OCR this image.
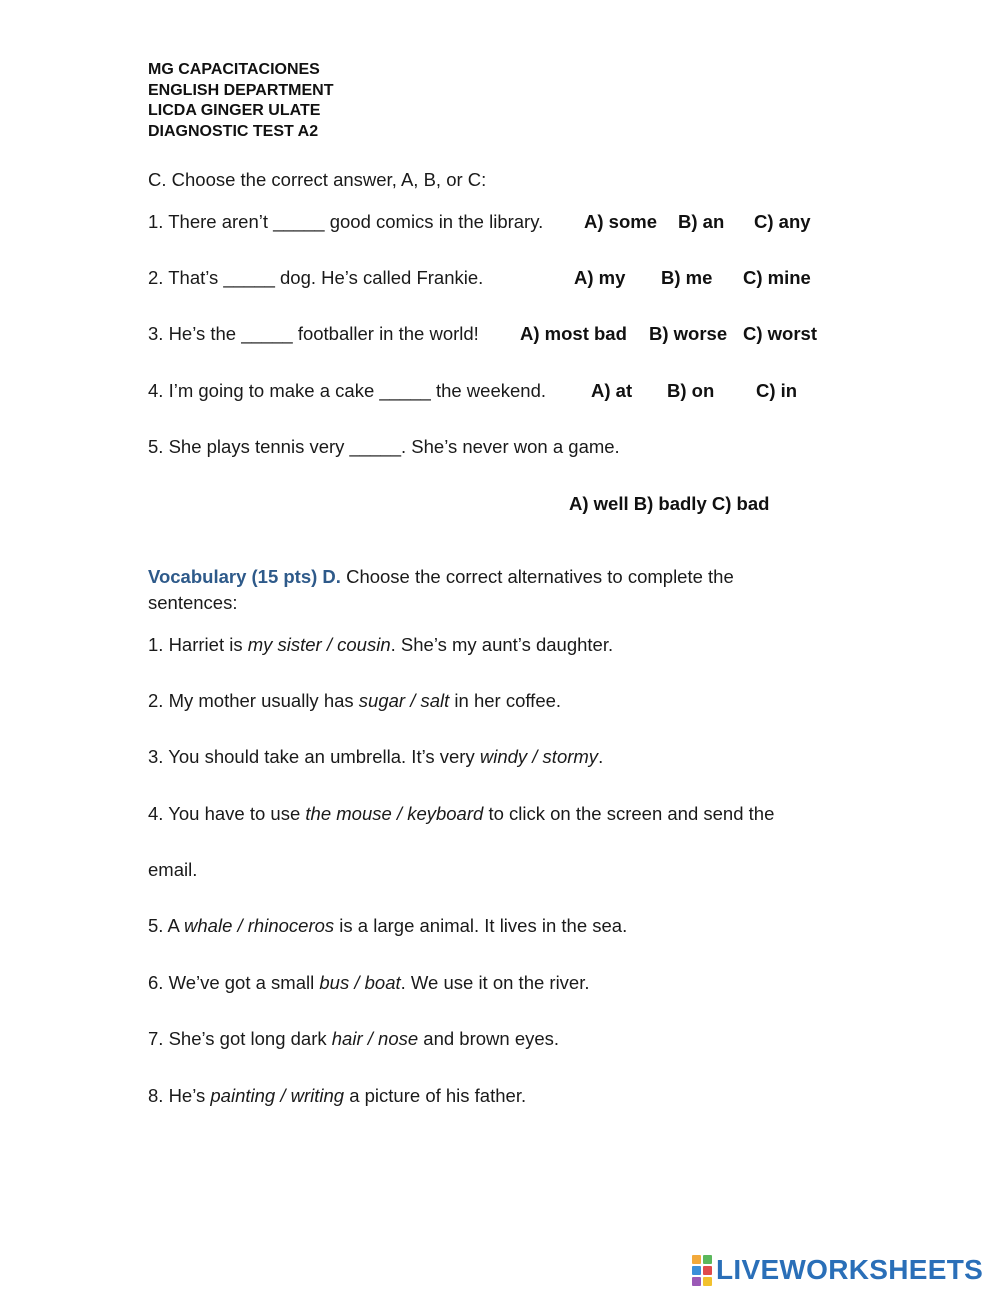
MG CAPACITACIONES
ENGLISH DEPARTMENT
LICDA GINGER ULATE
DIAGNOSTIC TEST A2
C. Choose the correct answer, A, B, or C:
1. There aren’t _____ good comics in the library. A) some B) an C) any
2. That’s _____ dog. He’s called Frankie.	A) my B) me C) mine
3. He’s the _____ footballer in the world! A) most bad B) worse C) worst
4. I’m going to make a cake _____ the weekend. A) at B) on C) in
5. She plays tennis very _____. She’s never won a game.
A) well B) badly C) bad
Vocabulary (15 pts) D. Choose the correct alternatives to complete the
sentences:
1. Harriet is my sister / cousin. She’s my aunt’s daughter.
2. My mother usually has sugar / salt in her coffee.
3. You should take an umbrella. It’s very windy / stormy.
4. You have to use the mouse / keyboard to click on the screen and send the
email.
5. A whale / rhinoceros is a large animal. It lives in the sea.
6. We’ve got a small bus / boat. We use it on the river.
7. She’s got long dark hair / nose and brown eyes.
8. He’s painting / writing a picture of his father.
LIVEWORKSHEETS
